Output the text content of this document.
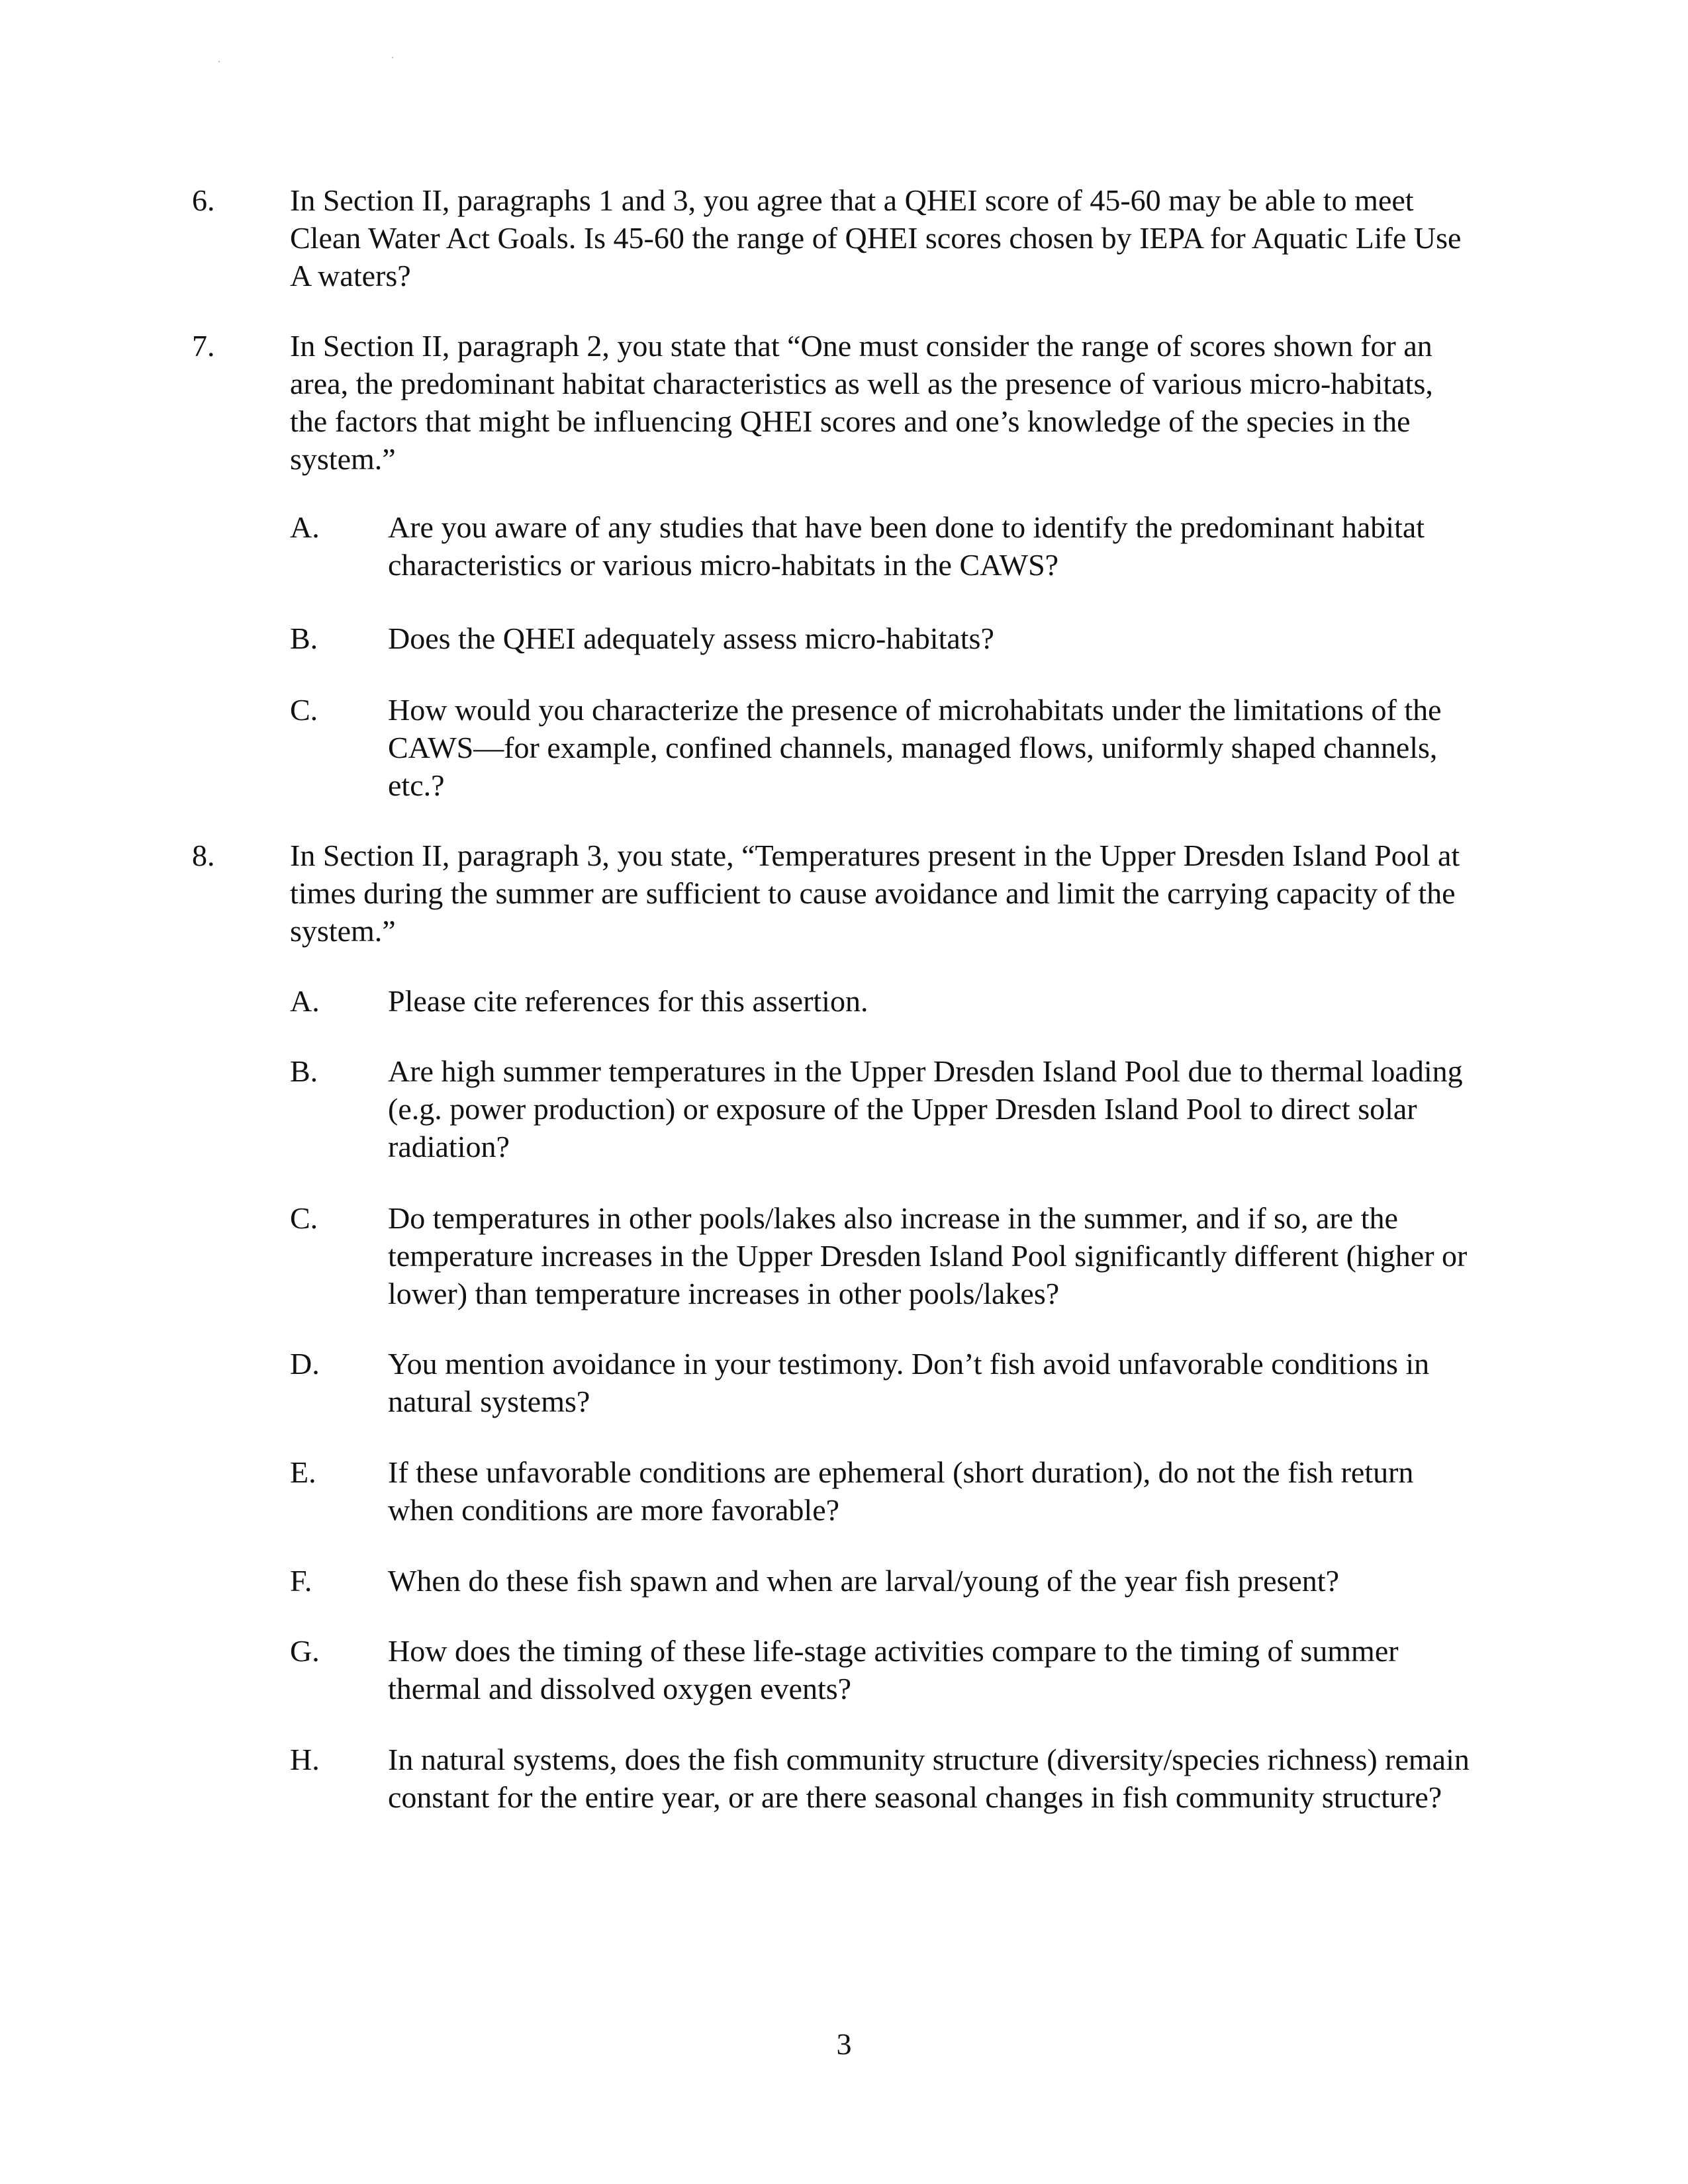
6. In Section II, paragraphs 1 and 3, you agree that a QHEI score of 45-60 may be able to meet Clean Water Act Goals. Is 45-60 the range of QHEI scores chosen by IEPA for Aquatic Life Use A waters?
7. In Section II, paragraph 2, you state that “One must consider the range of scores shown for an area, the predominant habitat characteristics as well as the presence of various micro-habitats, the factors that might be influencing QHEI scores and one’s knowledge of the species in the system.”
A. Are you aware of any studies that have been done to identify the predominant habitat characteristics or various micro-habitats in the CAWS?
B. Does the QHEI adequately assess micro-habitats?
C. How would you characterize the presence of microhabitats under the limitations of the CAWS—for example, confined channels, managed flows, uniformly shaped channels, etc.?
8. In Section II, paragraph 3, you state, “Temperatures present in the Upper Dresden Island Pool at times during the summer are sufficient to cause avoidance and limit the carrying capacity of the system.”
A. Please cite references for this assertion.
B. Are high summer temperatures in the Upper Dresden Island Pool due to thermal loading (e.g. power production) or exposure of the Upper Dresden Island Pool to direct solar radiation?
C. Do temperatures in other pools/lakes also increase in the summer, and if so, are the temperature increases in the Upper Dresden Island Pool significantly different (higher or lower) than temperature increases in other pools/lakes?
D. You mention avoidance in your testimony. Don’t fish avoid unfavorable conditions in natural systems?
E. If these unfavorable conditions are ephemeral (short duration), do not the fish return when conditions are more favorable?
F. When do these fish spawn and when are larval/young of the year fish present?
G. How does the timing of these life-stage activities compare to the timing of summer thermal and dissolved oxygen events?
H. In natural systems, does the fish community structure (diversity/species richness) remain constant for the entire year, or are there seasonal changes in fish community structure?
3
